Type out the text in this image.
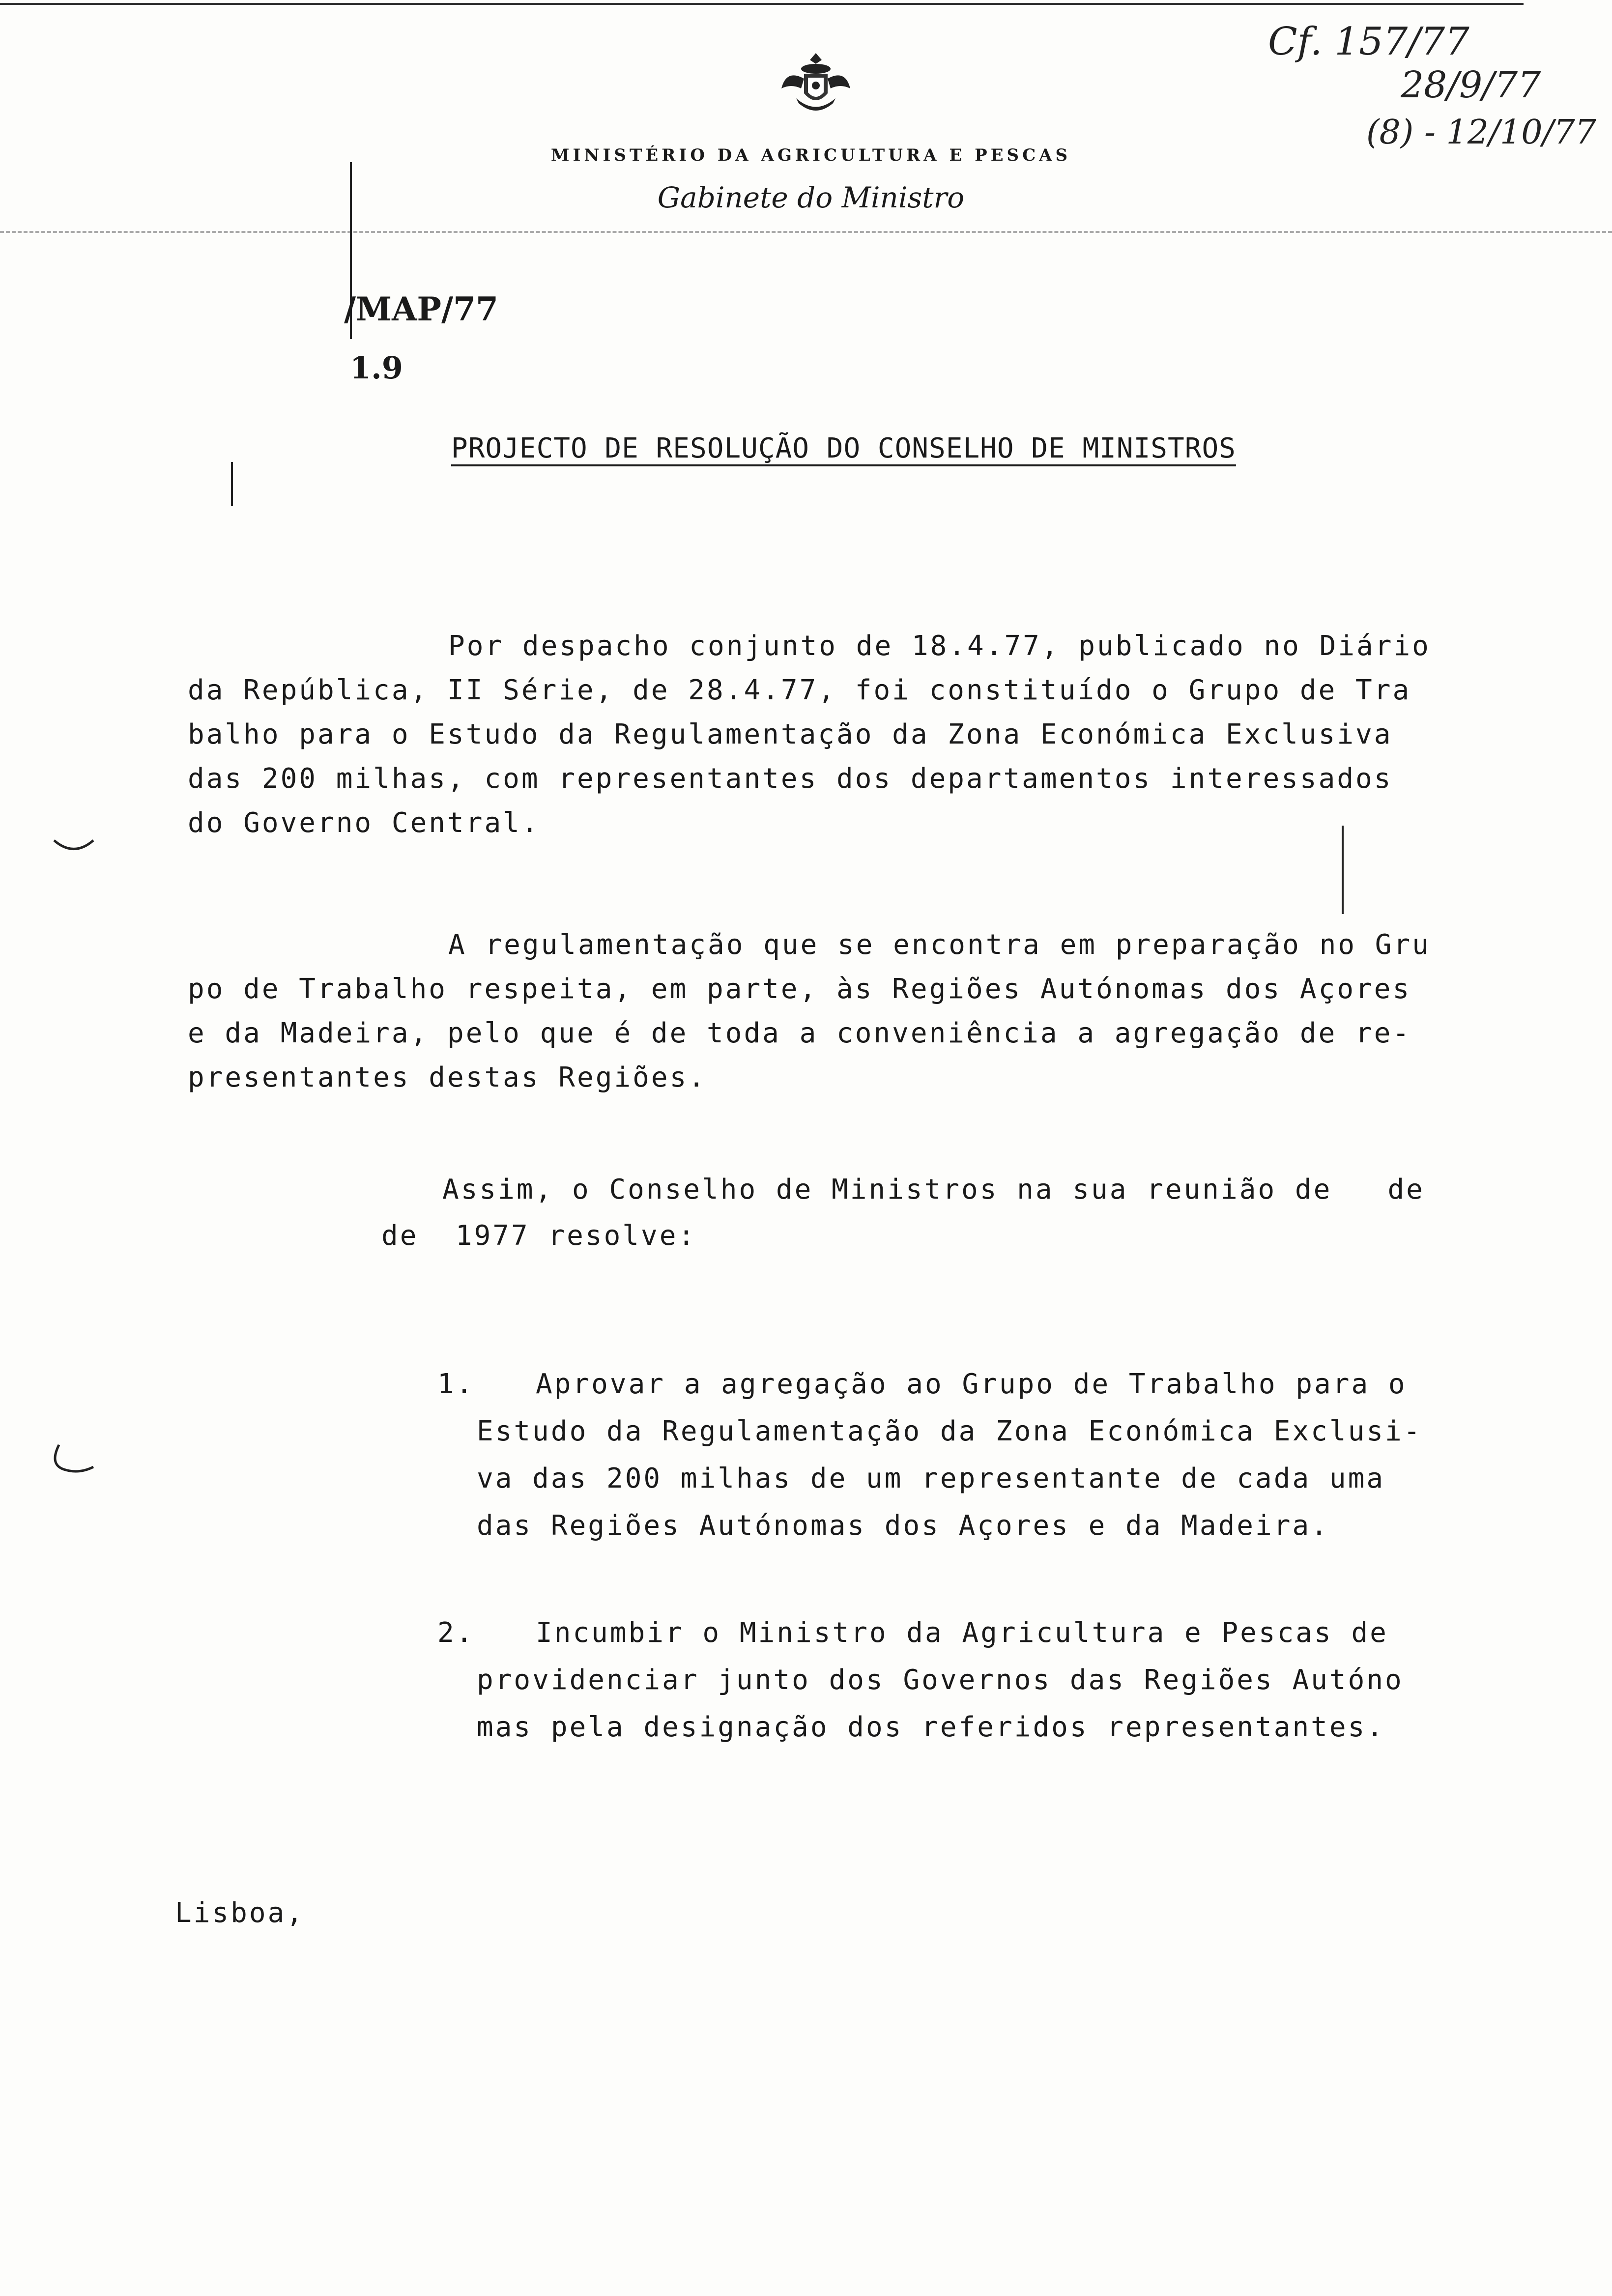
MINISTÉRIO DA AGRICULTURA E PESCAS
Gabinete do Ministro
Cf. 157/77
28/9/77
(8) - 12/10/77
/MAP/77
1.9
PROJECTO DE RESOLUÇÃO DO CONSELHO DE MINISTROS
Por despacho conjunto de 18.4.77, publicado no Diário
da República, II Série, de 28.4.77, foi constituído o Grupo de Tra
balho para o Estudo da Regulamentação da Zona Económica Exclusiva
das 200 milhas, com representantes dos departamentos interessados
do Governo Central.
A regulamentação que se encontra em preparação no Gru
po de Trabalho respeita, em parte, às Regiões Autónomas dos Açores
e da Madeira, pelo que é de toda a conveniência a agregação de re-
presentantes destas Regiões.
Assim, o Conselho de Ministros na sua reunião de   de
de  1977 resolve:
1. Aprovar a agregação ao Grupo de Trabalho para o
Estudo da Regulamentação da Zona Económica Exclusi-
va das 200 milhas de um representante de cada uma
das Regiões Autónomas dos Açores e da Madeira.
2. Incumbir o Ministro da Agricultura e Pescas de
providenciar junto dos Governos das Regiões Autóno
mas pela designação dos referidos representantes.
Lisboa,
